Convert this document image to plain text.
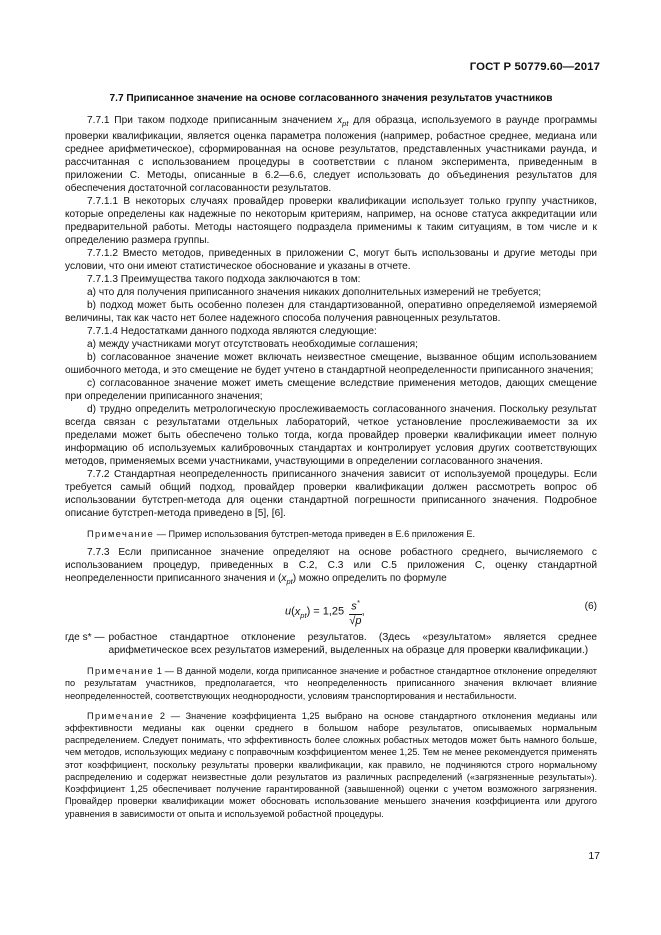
ГОСТ Р 50779.60—2017

7.7 Приписанное значение на основе согласованного значения результатов участников

7.7.1 При таком подходе приписанным значением $x_{pt}$ для образца, используемого в раунде программы проверки квалификации, является оценка параметра положения (например, робастное среднее, медиана или среднее арифметическое), сформированная на основе результатов, представленных участниками раунда, и рассчитанная с использованием процедуры в соответствии с планом эксперимента, приведенным в приложении С. Методы, описанные в 6.2—6.6, следует использовать до объединения результатов для обеспечения достаточной согласованности результатов.

7.7.1.1 В некоторых случаях провайдер проверки квалификации использует только группу участников, которые определены как надежные по некоторым критериям, например, на основе статуса аккредитации или предварительной работы. Методы настоящего подраздела применимы к таким ситуациям, в том числе и к определению размера группы.

7.7.1.2 Вместо методов, приведенных в приложении С, могут быть использованы и другие методы при условии, что они имеют статистическое обоснование и указаны в отчете.

7.7.1.3 Преимущества такого подхода заключаются в том:

a) что для получения приписанного значения никаких дополнительных измерений не требуется;

b) подход может быть особенно полезен для стандартизованной, оперативно определяемой измеряемой величины, так как часто нет более надежного способа получения равноценных результатов.

7.7.1.4 Недостатками данного подхода являются следующие:

a) между участниками могут отсутствовать необходимые соглашения;

b) согласованное значение может включать неизвестное смещение, вызванное общим использованием ошибочного метода, и это смещение не будет учтено в стандартной неопределенности приписанного значения;

c) согласованное значение может иметь смещение вследствие применения методов, дающих смещение при определении приписанного значения;

d) трудно определить метрологическую прослеживаемость согласованного значения. Поскольку результат всегда связан с результатами отдельных лабораторий, четкое установление прослеживаемости за их пределами может быть обеспечено только тогда, когда провайдер проверки квалификации имеет полную информацию об используемых калибровочных стандартах и контролирует условия других соответствующих методов, применяемых всеми участниками, участвующими в определении согласованного значения.

7.7.2 Стандартная неопределенность приписанного значения зависит от используемой процедуры. Если требуется самый общий подход, провайдер проверки квалификации должен рассмотреть вопрос об использовании бутстреп-метода для оценки стандартной погрешности приписанного значения. Подробное описание бутстреп-метода приведено в [5], [6].

Примечание — Пример использования бутстреп-метода приведен в Е.6 приложения Е.

7.7.3 Если приписанное значение определяют на основе робастного среднего, вычисляемого с использованием процедур, приведенных в С.2, С.3 или С.5 приложения С, оценку стандартной неопределенности приписанного значения и $(x_{pt})$ можно определить по формуле

$u(x_{pt}) = 1,25 \frac{s^*}{√p}$ ,	(6)
где s* — робастное стандартное отклонение результатов. (Здесь «результатом» является среднее арифметическое всех результатов измерений, выделенных на образце для проверки квалификации.)

Примечание 1 — В данной модели, когда приписанное значение и робастное стандартное отклонение определяют по результатам участников, предполагается, что неопределенность приписанного значения включает влияние неопределенностей, соответствующих неоднородности, условиям транспортирования и нестабильности.

Примечание 2 — Значение коэффициента 1,25 выбрано на основе стандартного отклонения медианы или эффективности медианы как оценки среднего в большом наборе результатов, описываемых нормальным распределением. Следует понимать, что эффективность более сложных робастных методов может быть намного больше, чем методов, использующих медиану с поправочным коэффициентом менее 1,25. Тем не менее рекомендуется применять этот коэффициент, поскольку результаты проверки квалификации, как правило, не подчиняются строго нормальному распределению и содержат неизвестные доли результатов из различных распределений («загрязненные результаты»). Коэффициент 1,25 обеспечивает получение гарантированной (завышенной) оценки с учетом возможного загрязнения. Провайдер проверки квалификации может обосновать использование меньшего значения коэффициента или другого уравнения в зависимости от опыта и используемой робастной процедуры.

17
